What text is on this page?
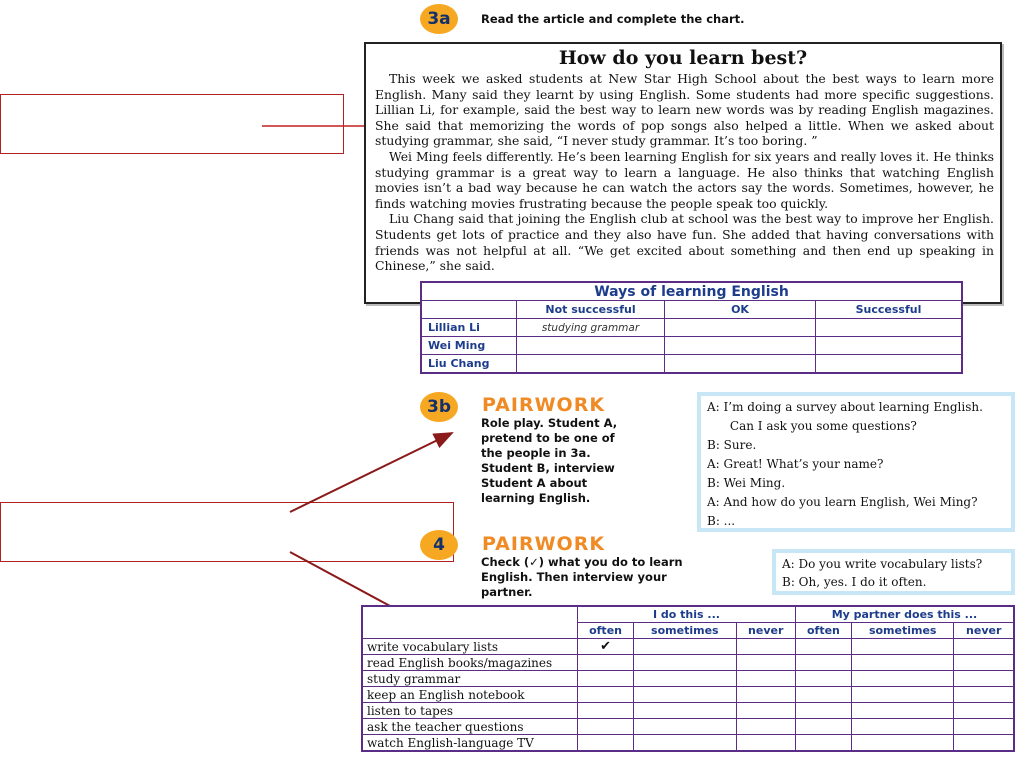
3a	Read the article and complete the chart.
How do you learn best?

This week we asked students at New Star High School about the best ways to learn more English. Many said they learnt by using English. Some students had more specific suggestions. Lillian Li, for example, said the best way to learn new words was by reading English magazines. She said that memorizing the words of pop songs also helped a little. When we asked about studying grammar, she said, “I never study grammar. It’s too boring. ”

Wei Ming feels differently. He’s been learning English for six years and really loves it. He thinks studying grammar is a great way to learn a language. He also thinks that watching English movies isn’t a bad way because he can watch the actors say the words. Sometimes, however, he finds watching movies frustrating because the people speak too quickly.

Liu Chang said that joining the English club at school was the best way to improve her English. Students get lots of practice and they also have fun. She added that having conversations with friends was not helpful at all. “We get excited about something and then end up speaking in Chinese,” she said.

Ways of learning English			
	Not successful	OK	Successful
Lillian Li	studying grammar		
Wei Ming			
Liu Chang			
3b	PAIRWORK
Role play. Student A,
pretend to be one of
the people in 3a.
Student B, interview
Student A about
learning English.
A: I’m doing a survey about learning English.
Can I ask you some questions?
B: Sure.
A: Great! What’s your name?
B: Wei Ming.
A: And how do you learn English, Wei Ming?
B: ...
4	PAIRWORK
Check (✓) what you do to learn
English. Then interview your
partner.
A: Do you write vocabulary lists?
B: Oh, yes. I do it often.
	I do this ...			My partner does this ...		
	often	sometimes	never	often	sometimes	never
write vocabulary lists	✔					
read English books/magazines						
study grammar						
keep an English notebook						
listen to tapes						
ask the teacher questions						
watch English-language TV						
